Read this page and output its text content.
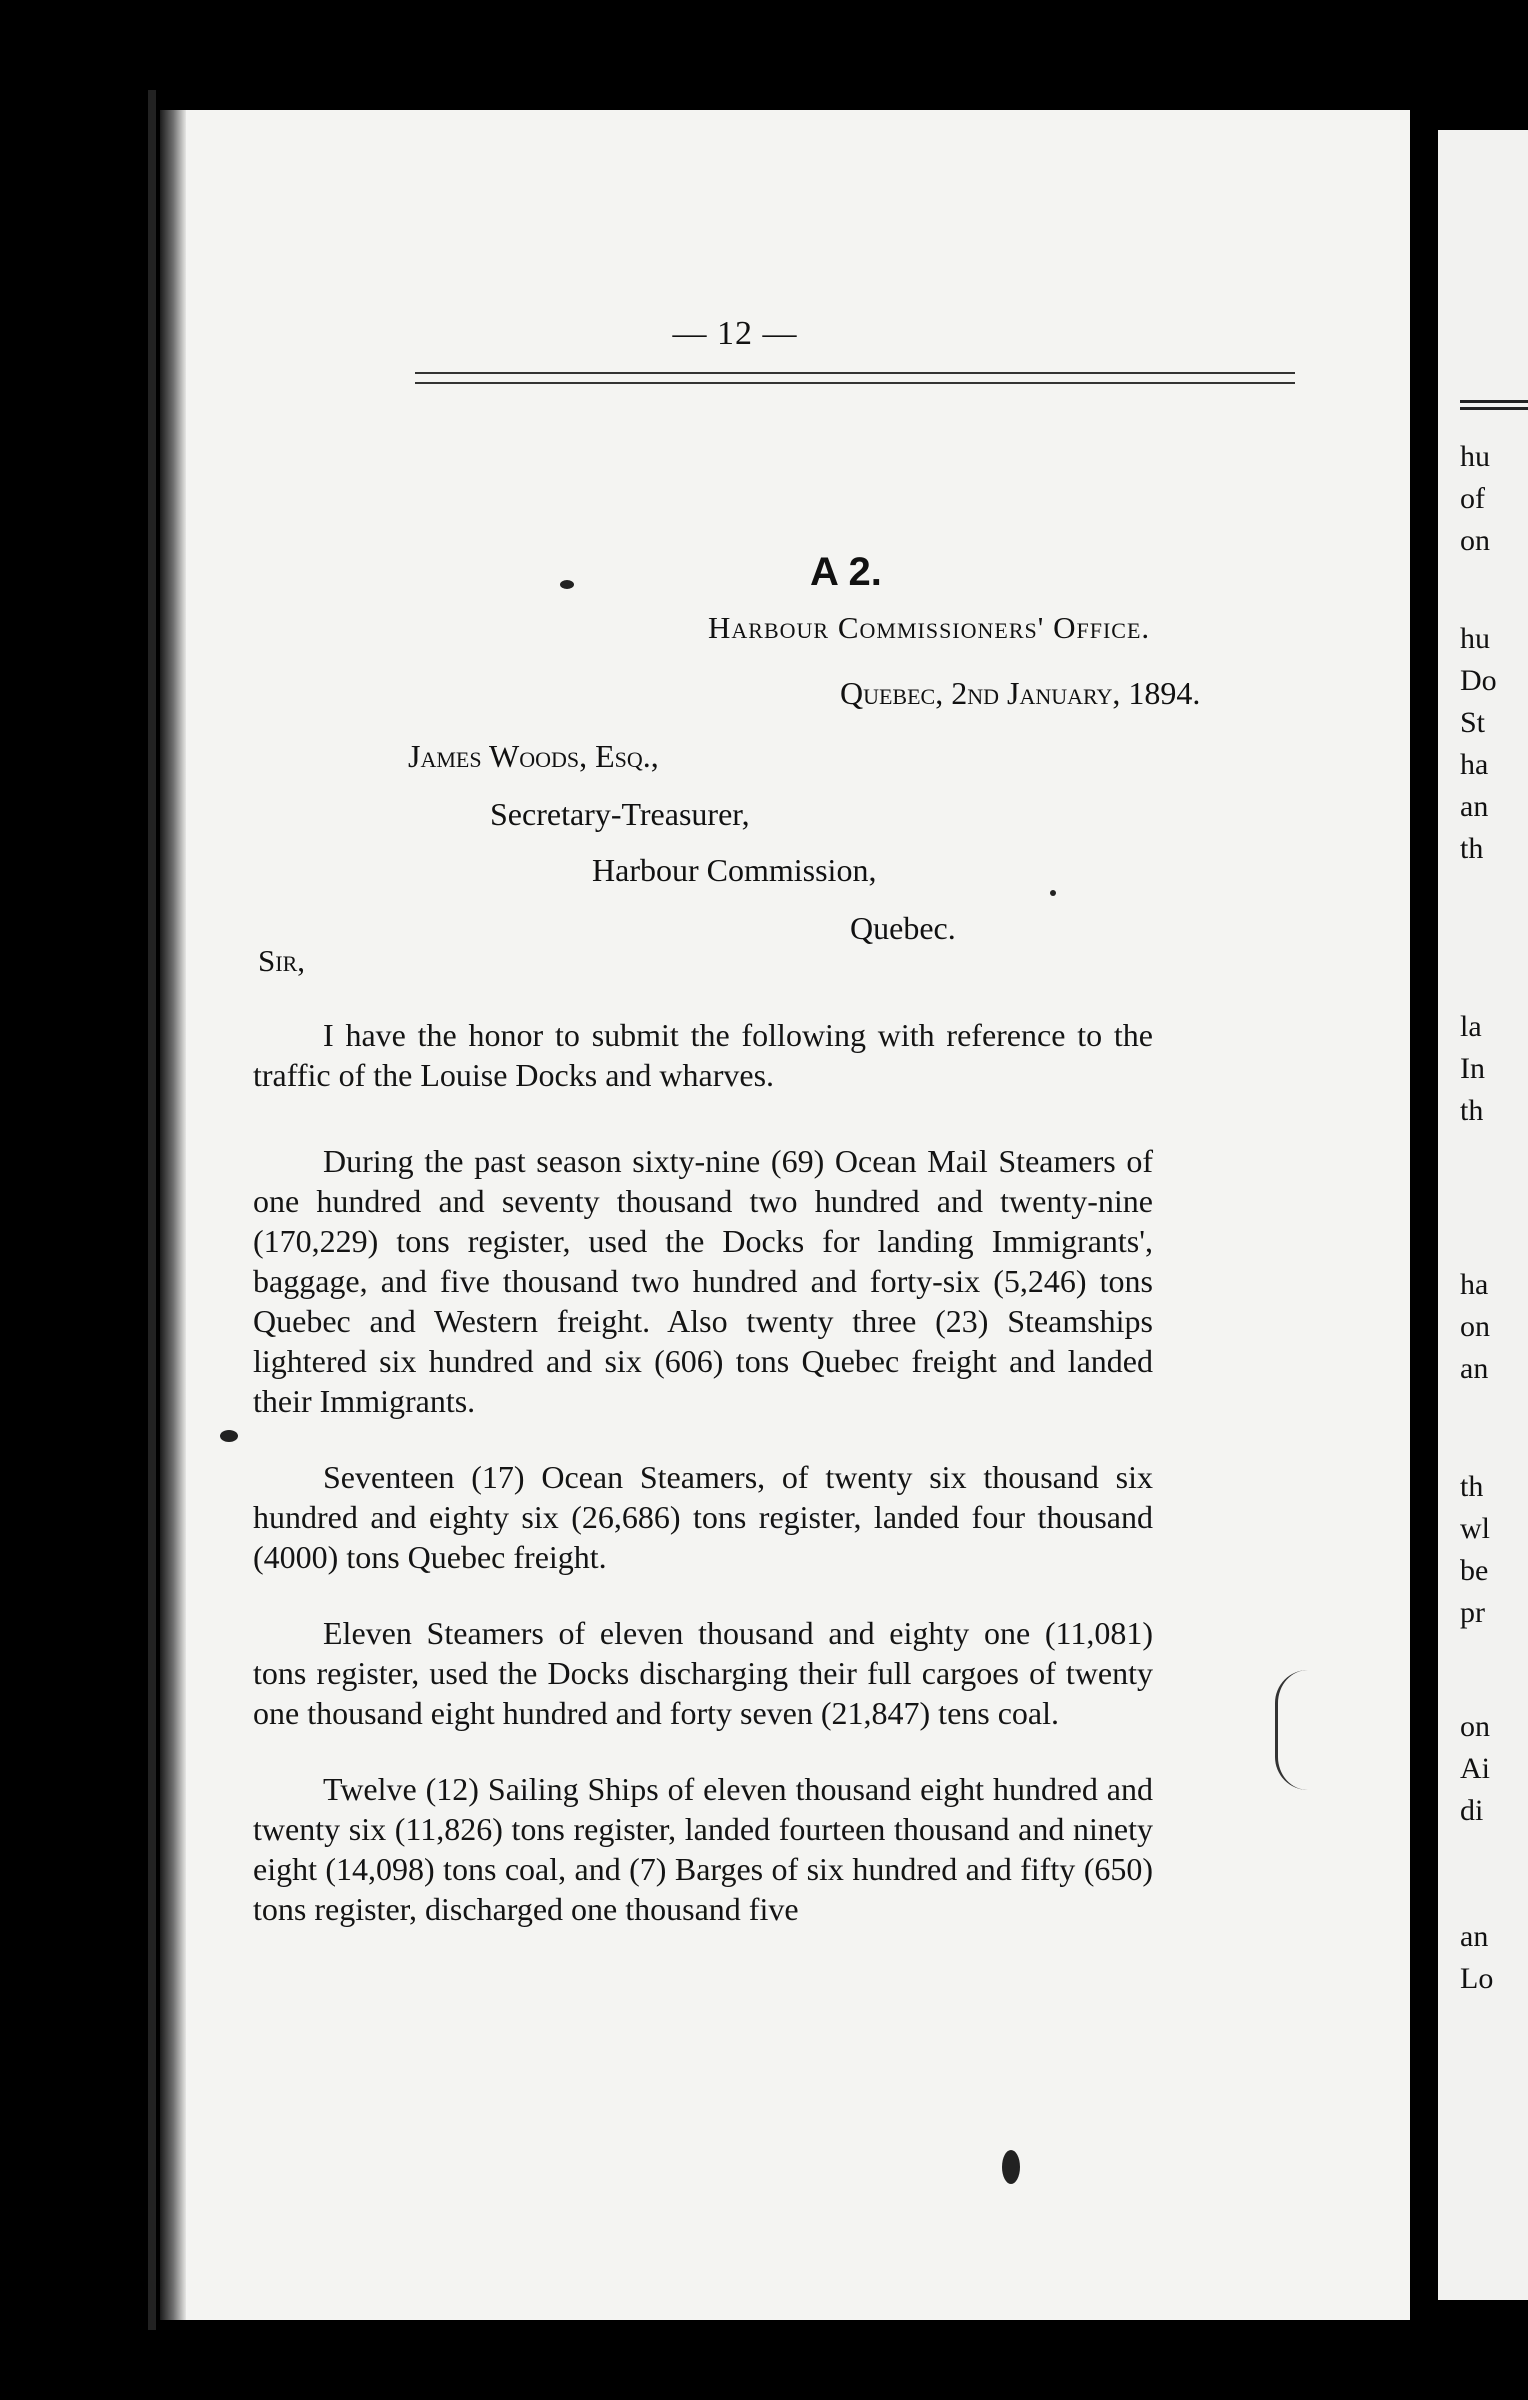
— 12 —
A 2.
Harbour Commissioners' Office.
Quebec, 2nd January, 1894.
James Woods, Esq.,
Secretary-Treasurer,
Harbour Commission,
Quebec.
Sir,

I have the honor to submit the following with reference to the traffic of the Louise Docks and wharves.

During the past season sixty-nine (69) Ocean Mail Steamers of one hundred and seventy thousand two hundred and twenty-nine (170,229) tons register, used the Docks for landing Immigrants', baggage, and five thousand two hundred and forty-six (5,246) tons Quebec and Western freight. Also twenty three (23) Steamships lightered six hundred and six (606) tons Quebec freight and landed their Immigrants.

Seventeen (17) Ocean Steamers, of twenty six thousand six hundred and eighty six (26,686) tons register, landed four thousand (4000) tons Quebec freight.

Eleven Steamers of eleven thousand and eighty one (11,081) tons register, used the Docks discharging their full cargoes of twenty one thousand eight hundred and forty seven (21,847) tens coal.

Twelve (12) Sailing Ships of eleven thousand eight hundred and twenty six (11,826) tons register, landed fourteen thousand and ninety eight (14,098) tons coal, and (7) Barges of six hundred and fifty (650) tons register, discharged one thousand five

hu
of
on
hu
Do
St
ha
an
th
la
In
th
ha
on
an
th
wl
be
pr
on
Ai
di
an
Lo
